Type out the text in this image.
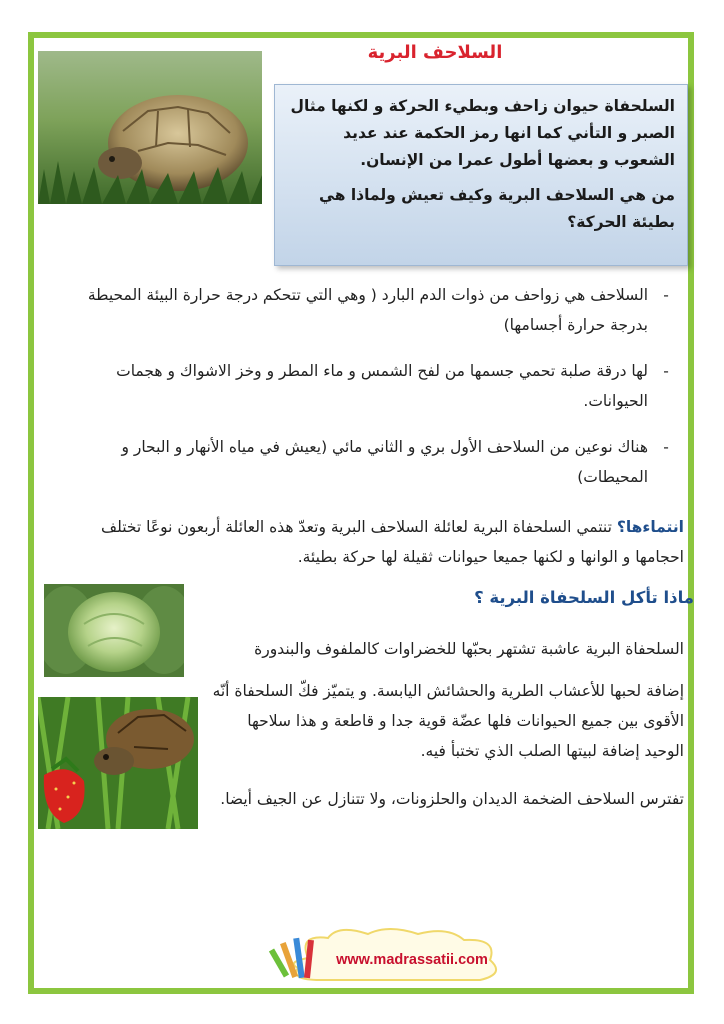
السلاحف البرية

السلحفاة حيوان زاحف وبطيء الحركة و لكنها مثال الصبر و التأني كما انها رمز الحكمة عند عديد الشعوب و بعضها أطول عمرا من الإنسان.

من هي السلاحف البرية وكيف تعيش ولماذا هي بطيئة الحركة؟

-
السلاحف هي زواحف من ذوات الدم البارد ( وهي التي تتحكم درجة حرارة البيئة المحيطة بدرجة حرارة أجسامها)
-
لها درقة صلبة تحمي جسمها من لفح الشمس و ماء المطر و وخز الاشواك و هجمات الحيوانات.
-
هناك نوعين من السلاحف الأول بري و الثاني مائي (يعيش في مياه الأنهار و البحار و المحيطات)
انتماءها؟ تنتمي السلحفاة البرية لعائلة السلاحف البرية وتعدّ هذه العائلة أربعون نوعًا تختلف احجامها و الوانها و لكنها جميعا حيوانات ثقيلة لها حركة بطيئة.
ماذا تأكل السلحفاة البرية ؟
السلحفاة البرية عاشبة تشتهر بحبّها للخضراوات كالملفوف والبندورة
إضافة لحبها للأعشاب الطرية والحشائش اليابسة. و يتميّز فكّ السلحفاة أنّه الأقوى بين جميع الحيوانات فلها عضّة قوية جدا و قاطعة و هذا سلاحها الوحيد إضافة لبيتها الصلب الذي تختبأ فيه.
تفترس السلاحف الضخمة الديدان والحلزونات، ولا تتنازل عن الجيف أيضا.
www.madrassatii.com
